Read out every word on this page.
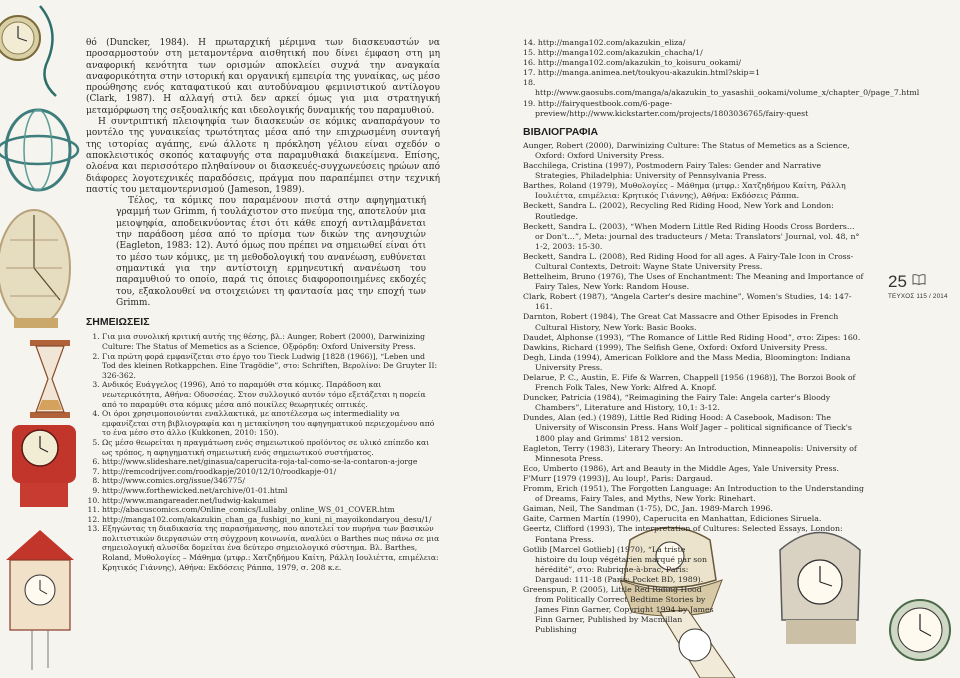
θό (Duncker, 1984). Η πρωταρχική μέριμνα των διασκευαστών να προσαρμοστούν στη μεταμοντέρνα αισθητική που δίνει έμφαση στη μη αναφορική κενότητα των ορισμών αποκλείει συχνά την αναγκαία αναφορικότητα στην ιστορική και οργανική εμπειρία της γυναίκας, ως μέσο προώθησης ενός καταφατικού και αυτοδύναμου φεμινιστικού αντίλογου (Clark, 1987). Η αλλαγή στιλ δεν αρκεί όμως για μια στρατηγική μεταμόρφωση της σεξουαλικής και ιδεολογικής δυναμικής του παραμυθιού.

Η συντριπτική πλειοψηφία των διασκευών σε κόμικς αναπαράγουν το μοντέλο της γυναικείας τρωτότητας μέσα από την επιχρωσμένη συνταγή της ιστορίας αγάπης, ενώ άλλοτε η πρόκληση γέλιου είναι σχεδόν ο αποκλειστικός σκοπός καταφυγής στα παραμυθιακά διακείμενα. Επίσης, ολοένα και περισσότερο πληθαίνουν οι διασκευές-συγχωνεύσεις ηρώων από διάφορες λογοτεχνικές παραδόσεις, πράγμα που παραπέμπει στην τεχνική παστίς του μεταμοντερνισμού (Jameson, 1989).

Τέλος, τα κόμικς που παραμένουν πιστά στην αφηγηματική γραμμή των Grimm, ή τουλάχιστον στο πνεύμα της, αποτελούν μια μειοψηφία, αποδεικνύοντας έτσι ότι κάθε εποχή αντιλαμβάνεται την παράδοση μέσα από το πρίσμα των δικών της ανησυχιών (Eagleton, 1983: 12). Αυτό όμως που πρέπει να σημειωθεί είναι ότι το μέσο των κόμικς, με τη μεθοδολογική του ανανέωση, ευθύνεται σημαντικά για την αντίστοιχη ερμηνευτική ανανέωση του παραμυθιού το οποίο, παρά τις όποιες διαφοροποιημένες εκδοχές του, εξακολουθεί να στοιχειώνει τη φαντασία μας την εποχή των Grimm.

ΣΗΜΕΙΩΣΕΙΣ
1. Για μια συνολική κριτική αυτής της θέσης, βλ.: Aunger, Robert (2000), Darwinizing Culture: The Status of Memetics as a Science, Οξφόρδη: Oxford University Press.
2. Για πρώτη φορά εμφανίζεται στο έργο του Tieck Ludwig [1828 (1966)], “Leben und Tod des kleinen Rotkappchen. Eine Tragödie”, στο: Schriften, Βερολίνο: De Gruyter II: 326-362.
3. Ανδικός Ευάγγελος (1996), Από το παραμύθι στα κόμικς. Παράδοση και νεωτερικότητα, Αθήνα: Οδυσσέας. Στον συλλογικό αυτόν τόμο εξετάζεται η πορεία από το παραμύθι στα κόμικς μέσα από ποικίλες θεωρητικές οπτικές.
4. Οι όροι χρησιμοποιούνται εναλλακτικά, με αποτέλεσμα ως intermediality να εμφανίζεται στη βιβλιογραφία και η μετακίνηση του αφηγηματικού περιεχομένου από το ένα μέσο στο άλλο (Kukkonen, 2010: 150).
5. Ως μέσο θεωρείται η πραγμάτωση ενός σημειωτικού προϊόντος σε υλικό επίπεδο και ως τρόπος, η αφηγηματική σημειωτική ενός σημειωτικού συστήματος.
6. http://www.slideshare.net/ginasua/caperucita-roja-tal-como-se-la-contaron-a-jorge
7. http://remcodrijver.com/roodkapje/2010/12/10/roodkapje-01/
8. http://www.comics.org/issue/346775/
9. http://www.forthewicked.net/archive/01-01.html
10. http://www.mangareader.net/ludwig-kakumei
11. http://abacuscomics.com/Online_comics/Lullaby_online_WS_01_COVER.htm
12. http://manga102.com/akazukin_chan_ga_fushigi_no_kuni_ni_mayoikondaryou_desu/1/
13. Εξηγώντας τη διαδικασία της παρασήμανσης, που αποτελεί τον πυρήνα των βασικών πολιτιστικών διεργασιών στη σύγχρονη κοινωνία, αναλύει ο Barthes πως πάνω σε μια σημειολογική αλυσίδα δομείται ένα δεύτερο σημειολογικό σύστημα. Βλ. Barthes, Roland, Μυθολογίες – Μάθημα (μτφρ.: Χατζηδήμου Καίτη, Ράλλη Ιουλιέττα, επιμέλεια: Κρητικός Γιάννης), Αθήνα: Εκδόσεις Ράππα, 1979, σ. 208 κ.ε.
14. http://manga102.com/akazukin_eliza/
15. http://manga102.com/akazukin_chacha/1/
16. http://manga102.com/akazukin_to_koisuru_ookami/
17. http://manga.animea.net/toukyou-akazukin.html?skip=1
18. http://www.gaosubs.com/manga/a/akazukin_to_yasashii_ookami/volume_x/chapter_0/page_7.html
19. http://fairyquestbook.com/6-page-preview/http://www.kickstarter.com/projects/1803036765/fairy-quest
ΒΙΒΛΙΟΓΡΑΦΙΑ

Aunger, Robert (2000), Darwinizing Culture: The Status of Memetics as a Science, Oxford: Oxford University Press.

Bacchilega, Cristina (1997), Postmodern Fairy Tales: Gender and Narrative Strategies, Philadelphia: University of Pennsylvania Press.

Barthes, Roland (1979), Μυθολογίες – Μάθημα (μτφρ.: Χατζηδήμου Καίτη, Ράλλη Ιουλιέττα, επιμέλεια: Κρητικός Γιάννης), Αθήνα: Εκδόσεις Ράππα.

Beckett, Sandra L. (2002), Recycling Red Riding Hood, New York and London: Routledge.

Beckett, Sandra L. (2003), “When Modern Little Red Riding Hoods Cross Borders… or Don't…”, Meta: journal des traducteurs / Meta: Translators' Journal, vol. 48, n° 1-2, 2003: 15-30.

Beckett, Sandra L. (2008), Red Riding Hood for all ages. A Fairy-Tale Icon in Cross-Cultural Contexts, Detroit: Wayne State University Press.

Bettelheim, Bruno (1976), The Uses of Enchantment: The Meaning and Importance of Fairy Tales, New York: Random House.

Clark, Robert (1987), “Angela Carter's desire machine”, Women's Studies, 14: 147-161.

Darnton, Robert (1984), The Great Cat Massacre and Other Episodes in French Cultural History, New York: Basic Books.

Daudet, Alphonse (1993), “The Romance of Little Red Riding Hood”, στο: Zipes: 160.

Dawkins, Richard (1999), The Selfish Gene, Oxford: Oxford University Press.

Degh, Linda (1994), American Folklore and the Mass Media, Bloomington: Indiana University Press.

Delarue, P. C., Austin, E. Fife & Warren, Chappell [1956 (1968)], The Borzoi Book of French Folk Tales, New York: Alfred A. Knopf.

Duncker, Patricia (1984), “Reimagining the Fairy Tale: Angela carter's Bloody Chambers”, Literature and History, 10,1: 3-12.

Dundes, Alan (ed.) (1989), Little Red Riding Hood: A Casebook, Madison: The University of Wisconsin Press. Hans Wolf Jager – political significance of Tieck's 1800 play and Grimms' 1812 version.

Eagleton, Terry (1983), Literary Theory: An Introduction, Minneapolis: University of Minnesota Press.

Eco, Umberto (1986), Art and Beauty in the Middle Ages, Yale University Press.

F'Murr [1979 (1993)], Au loup!, Paris: Dargaud.

Fromm, Erich (1951), The Forgotten Language: An Introduction to the Understanding of Dreams, Fairy Tales, and Myths, New York: Rinehart.

Gaiman, Neil, The Sandman (1-75), DC, Jan. 1989-March 1996.

Gaite, Carmen Martín (1990), Caperucita en Manhattan, Ediciones Siruela.

Geertz, Clifford (1993), The interpretation of Cultures: Selected Essays, London: Fontana Press.

Gotlib [Marcel Gotlieb] (1970), “La triste histoire du loup végétarien marqué par son hérédité”, στο: Rubrique-à-brac, Paris: Dargaud: 111-18 (Paris: Pocket BD, 1989).

Greenspun, P. (2005), Little Red Riding Hood from Politically Correct Bedtime Stories by James Finn Garner, Copyright 1994 by James Finn Garner, Published by Macmillan Publishing

25
ΤΕΥΧΟΣ 115 / 2014
